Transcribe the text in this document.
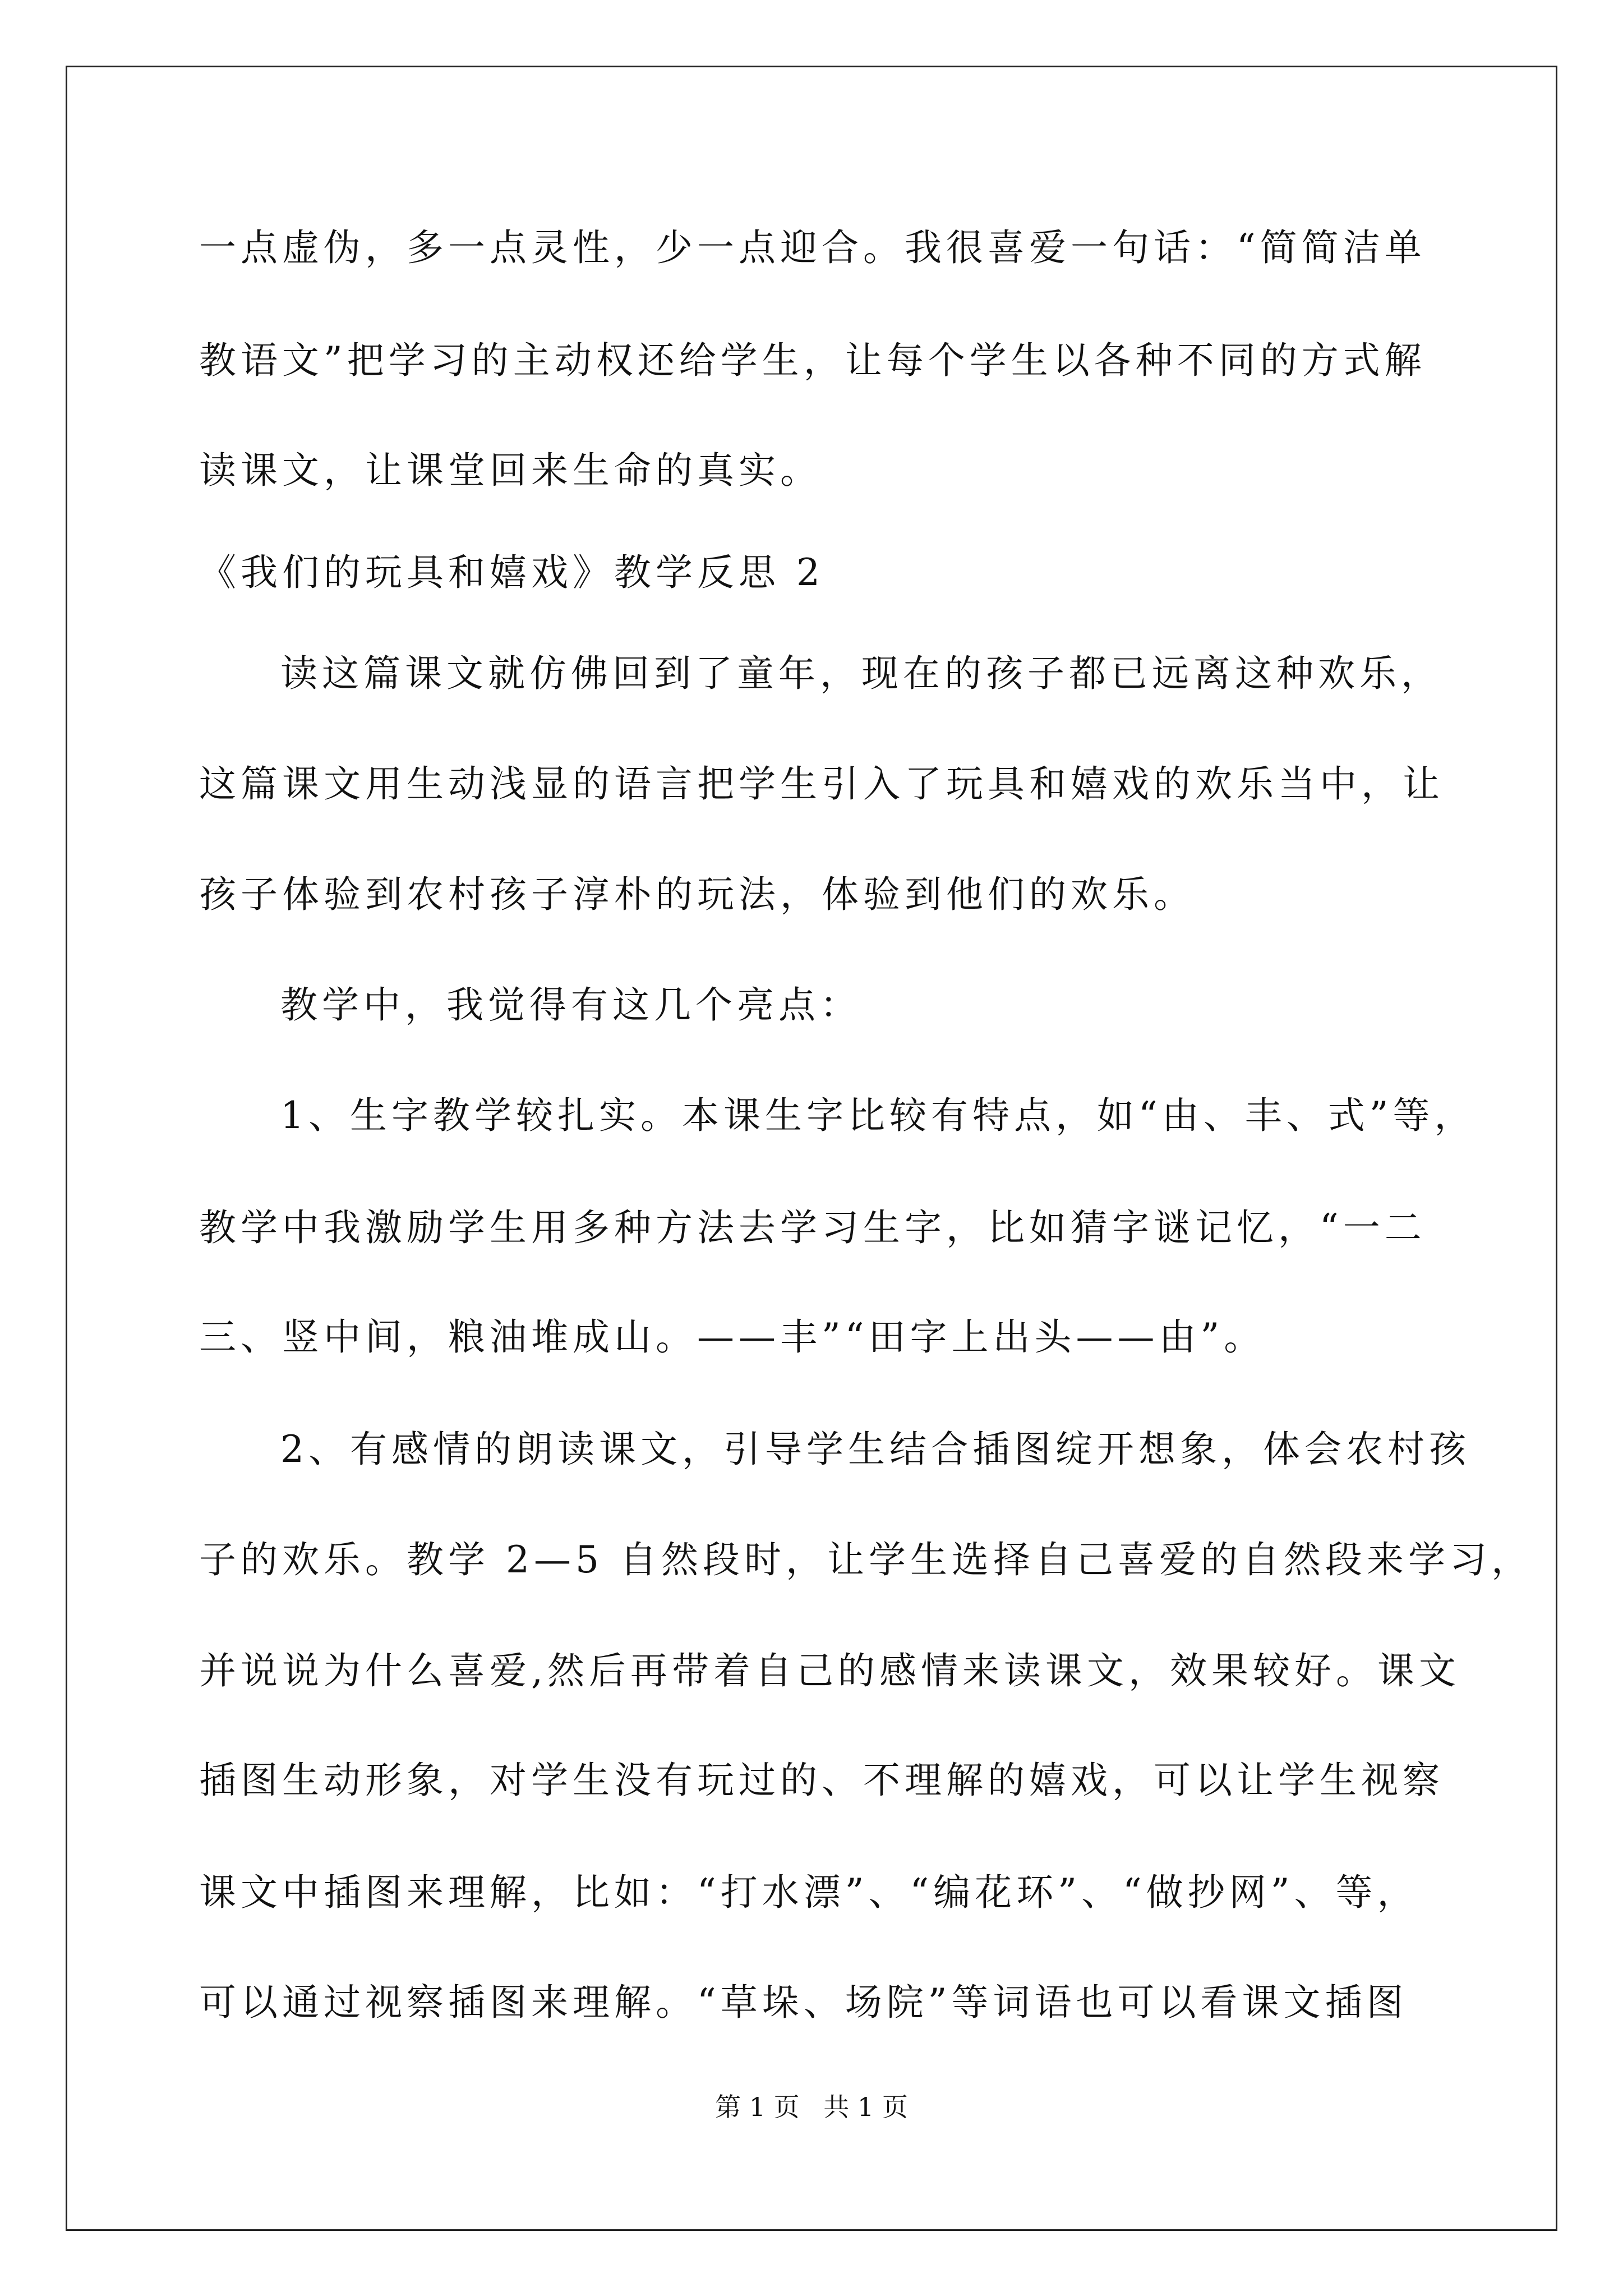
一点虚伪，多一点灵性，少一点迎合。我很喜爱一句话：“简简洁单

教语文”把学习的主动权还给学生，让每个学生以各种不同的方式解

读课文，让课堂回来生命的真实。

《我们的玩具和嬉戏》教学反思 2

读这篇课文就仿佛回到了童年，现在的孩子都已远离这种欢乐，

这篇课文用生动浅显的语言把学生引入了玩具和嬉戏的欢乐当中，让

孩子体验到农村孩子淳朴的玩法，体验到他们的欢乐。

教学中，我觉得有这几个亮点：

1、生字教学较扎实。本课生字比较有特点，如“由、丰、式”等，

教学中我激励学生用多种方法去学习生字，比如猜字谜记忆，“一二

三、竖中间，粮油堆成山。——丰”“田字上出头——由”。

2、有感情的朗读课文，引导学生结合插图绽开想象，体会农村孩

子的欢乐。教学 2—5 自然段时，让学生选择自己喜爱的自然段来学习，

并说说为什么喜爱,然后再带着自己的感情来读课文，效果较好。课文

插图生动形象，对学生没有玩过的、不理解的嬉戏，可以让学生视察

课文中插图来理解，比如：“打水漂”、“编花环”、“做抄网”、等，

可以通过视察插图来理解。“草垛、场院”等词语也可以看课文插图

第 1 页 共 1 页
